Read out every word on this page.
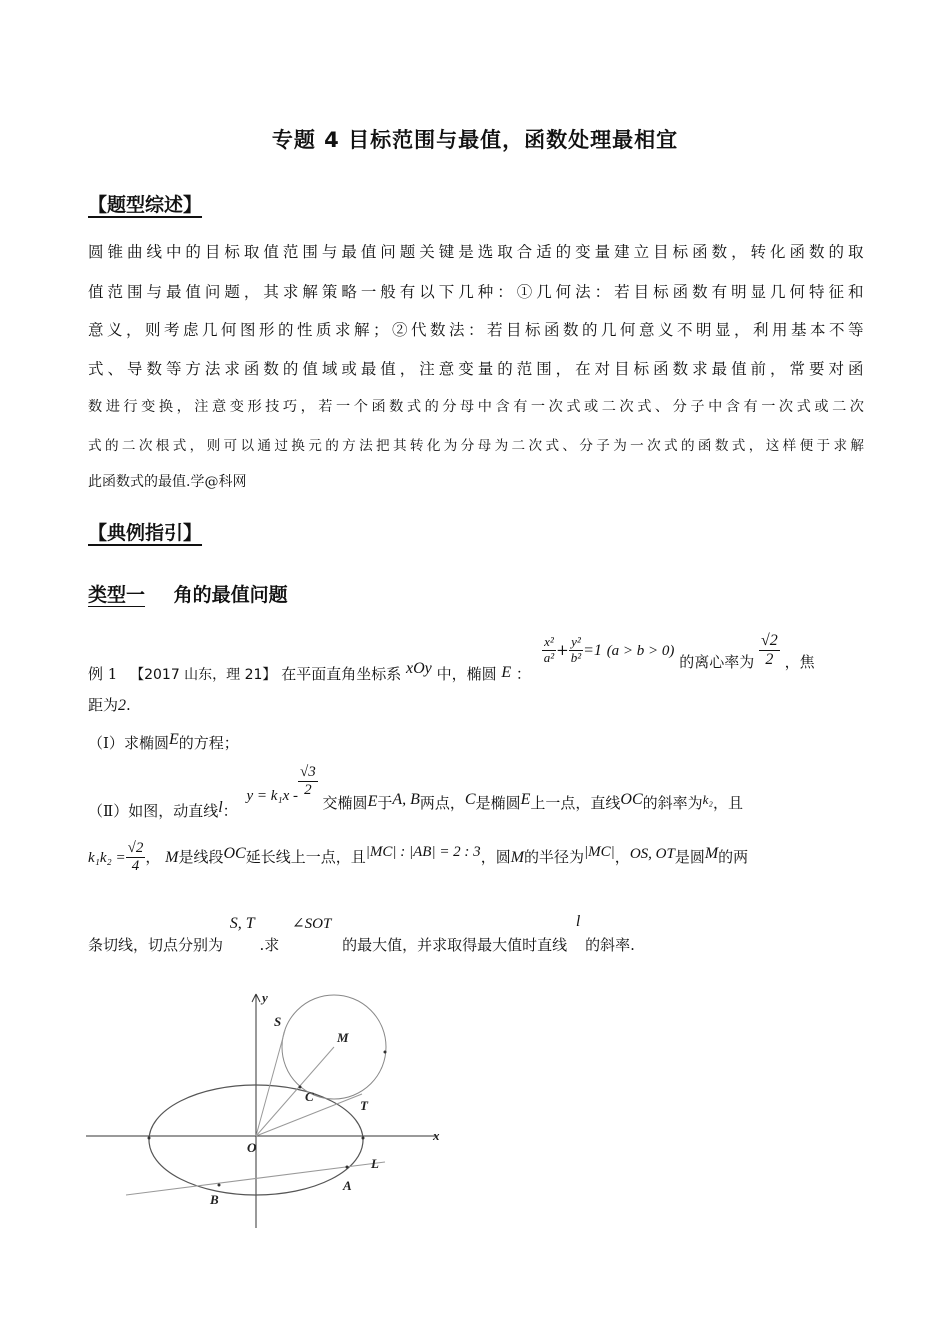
专题 4 目标范围与最值，函数处理最相宜
【题型综述】
圆锥曲线中的目标取值范围与最值问题关键是选取合适的变量建立目标函数，转化函数的取
值范围与最值问题，其求解策略一般有以下几种：①几何法：若目标函数有明显几何特征和
意义，则考虑几何图形的性质求解；②代数法：若目标函数的几何意义不明显，利用基本不等
式、导数等方法求函数的值域或最值，注意变量的范围，在对目标函数求最值前，常要对函
数进行变换，注意变形技巧，若一个函数式的分母中含有一次式或二次式、分子中含有一次式或二次
式的二次根式，则可以通过换元的方法把其转化为分母为二次式、分子为一次式的函数式，这样便于求解
此函数式的最值.学@科网
【典例指引】
类型一 角的最值问题
例 1 【2017 山东，理 21】 在平面直角坐标系 xOy 中，椭圆 E ：
$\frac{\text{x²}}{\text{a²}} + \frac{\text{y²}}{\text{b²}} =1$ (a > b > 0) 的离心率为 $\frac{√2}{2}$ ，焦
距为2.
（Ⅰ）求椭圆E的方程；
（Ⅱ）如图，动直线l： $y = k_1x - \frac{√3}{2}$
交椭圆E于A, B两点，C是椭圆E上一点，直线OC的斜率为k₂，且
$k_1k_2 = \frac{√2}{4}$ ， M是线段OC延长线上一点，且|MC| : |AB| = 2 : 3，圆M的半径为|MC|，OS, OT是圆M的两
条切线，切点分别为 S, T .求 ∠SOT 的最大值，并求取得最大值时直线 l 的斜率.
y
x
S
M
C
T
O
L
A
B
